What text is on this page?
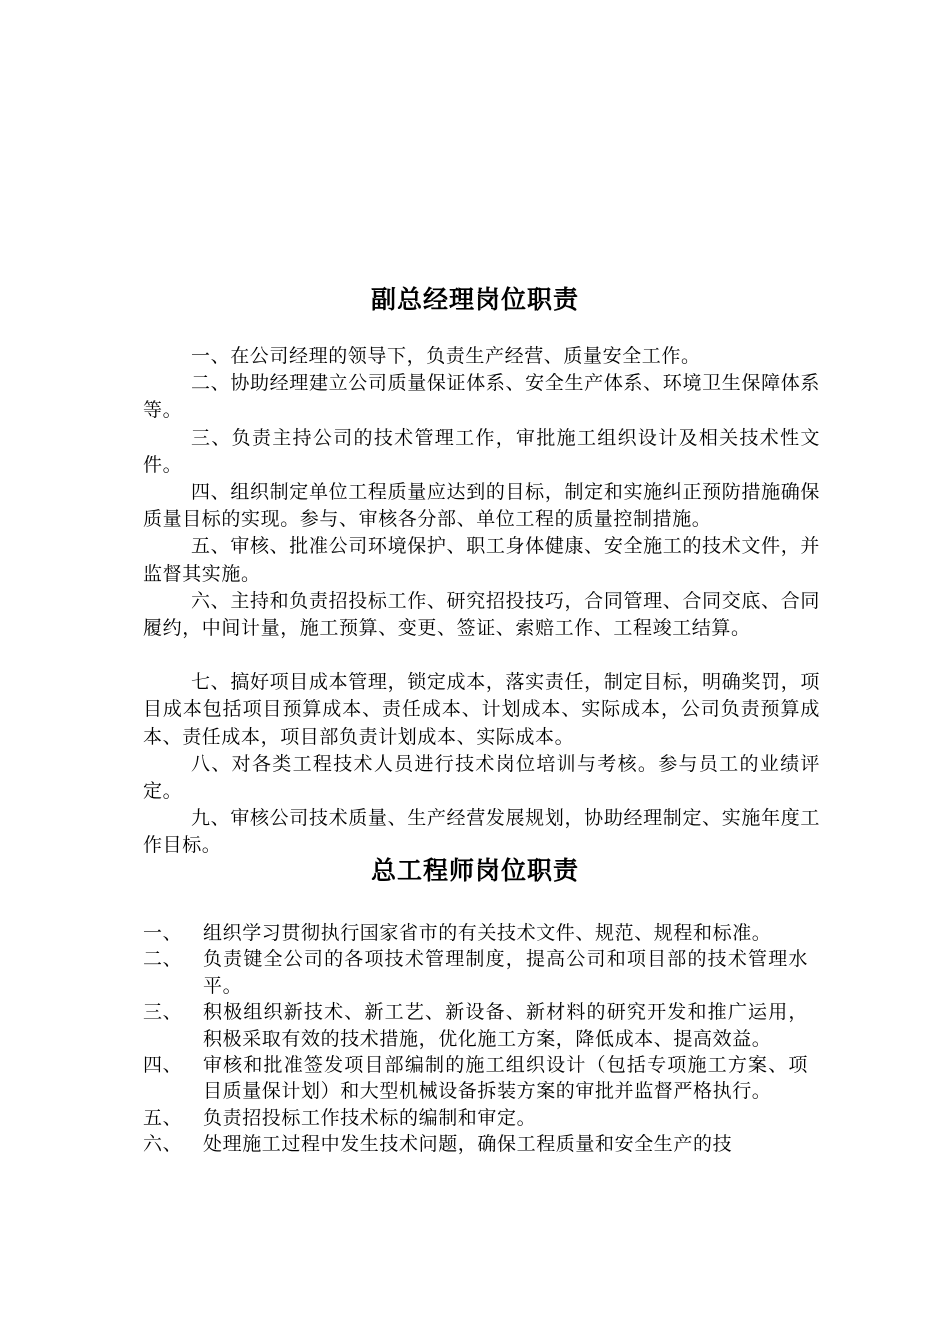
副总经理岗位职责

一、在公司经理的领导下，负责生产经营、质量安全工作。

二、协助经理建立公司质量保证体系、安全生产体系、环境卫生保障体系等。

三、负责主持公司的技术管理工作，审批施工组织设计及相关技术性文件。

四、组织制定单位工程质量应达到的目标，制定和实施纠正预防措施确保质量目标的实现。参与、审核各分部、单位工程的质量控制措施。

五、审核、批准公司环境保护、职工身体健康、安全施工的技术文件，并监督其实施。

六、主持和负责招投标工作、研究招投技巧，合同管理、合同交底、合同履约，中间计量，施工预算、变更、签证、索赔工作、工程竣工结算。

七、搞好项目成本管理，锁定成本，落实责任，制定目标，明确奖罚，项目成本包括项目预算成本、责任成本、计划成本、实际成本，公司负责预算成本、责任成本，项目部负责计划成本、实际成本。

八、对各类工程技术人员进行技术岗位培训与考核。参与员工的业绩评定。

九、审核公司技术质量、生产经营发展规划，协助经理制定、实施年度工作目标。

总工程师岗位职责
一、	组织学习贯彻执行国家省市的有关技术文件、规范、规程和标准。
二、	负责键全公司的各项技术管理制度，提高公司和项目部的技术管理水平。
三、	积极组织新技术、新工艺、新设备、新材料的研究开发和推广运用，积极采取有效的技术措施，优化施工方案，降低成本、提高效益。
四、	审核和批准签发项目部编制的施工组织设计（包括专项施工方案、项目质量保计划）和大型机械设备拆装方案的审批并监督严格执行。
五、	负责招投标工作技术标的编制和审定。
六、	处理施工过程中发生技术问题，确保工程质量和安全生产的技
